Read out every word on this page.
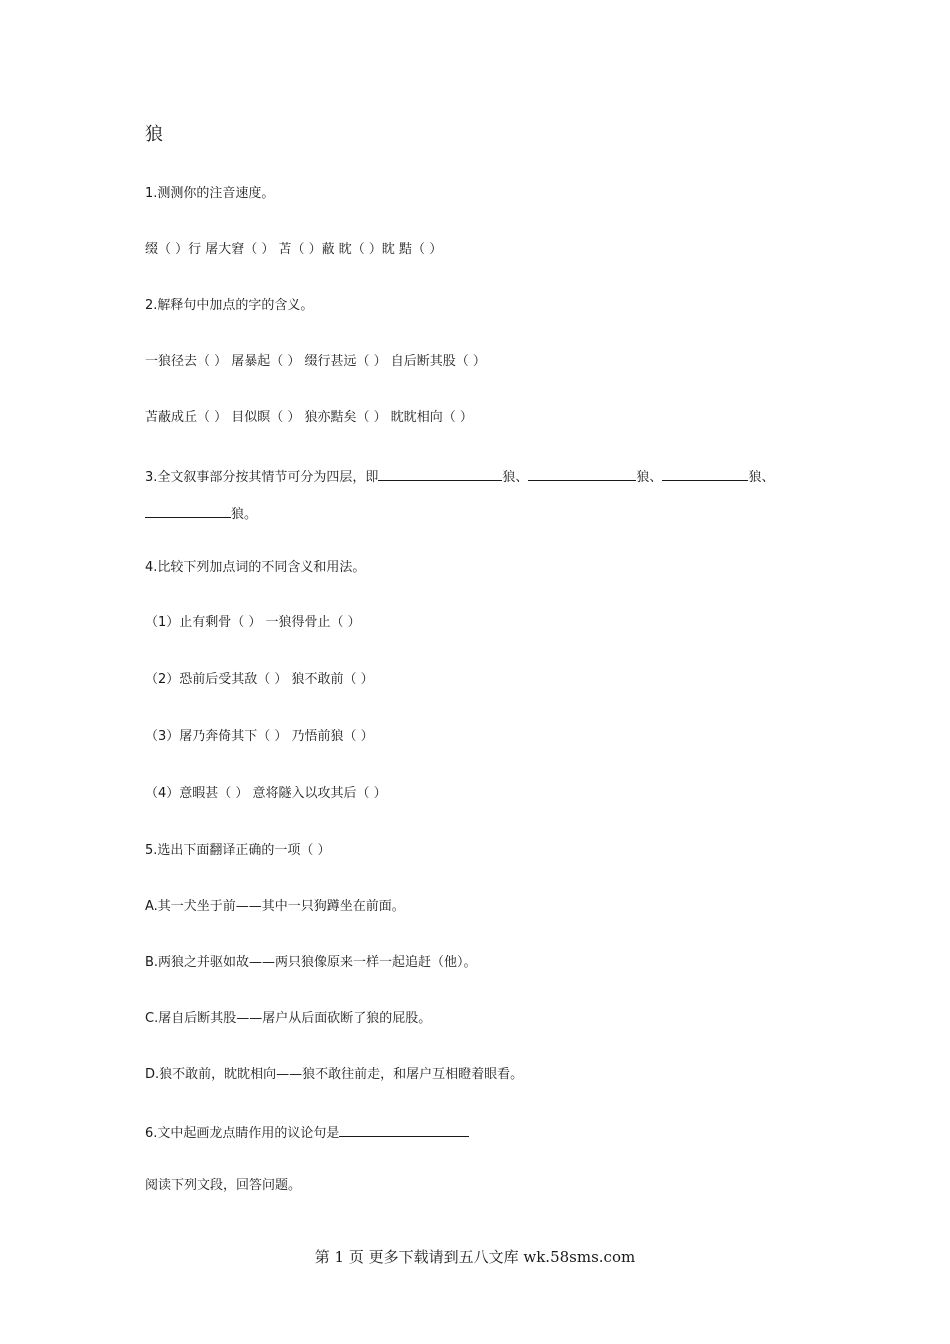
狼
1.测测你的注音速度。
缀（ ）行 屠大窘（ ） 苫（ ）蔽 眈（ ）眈 黠（ ）
2.解释句中加点的字的含义。
一狼径去（ ） 屠暴起（ ） 缀行甚远（ ） 自后断其股（ ）
苫蔽成丘（ ） 目似瞑（ ） 狼亦黠矣（ ） 眈眈相向（ ）
3.全文叙事部分按其情节可分为四层，即	狼、	狼、	狼、
狼。
4.比较下列加点词的不同含义和用法。
（1）止有剩骨（ ） 一狼得骨止（ ）
（2）恐前后受其敌（ ） 狼不敢前（ ）
（3）屠乃奔倚其下（ ） 乃悟前狼（ ）
（4）意暇甚（ ） 意将隧入以攻其后（ ）
5.选出下面翻译正确的一项（ ）
A.其一犬坐于前——其中一只狗蹲坐在前面。
B.两狼之并驱如故——两只狼像原来一样一起追赶（他）。
C.屠自后断其股——屠户从后面砍断了狼的屁股。
D.狼不敢前，眈眈相向——狼不敢往前走，和屠户互相瞪着眼看。
6.文中起画龙点睛作用的议论句是
阅读下列文段，回答问题。
第 1 页 更多下载请到五八文库 wk.58sms.com
